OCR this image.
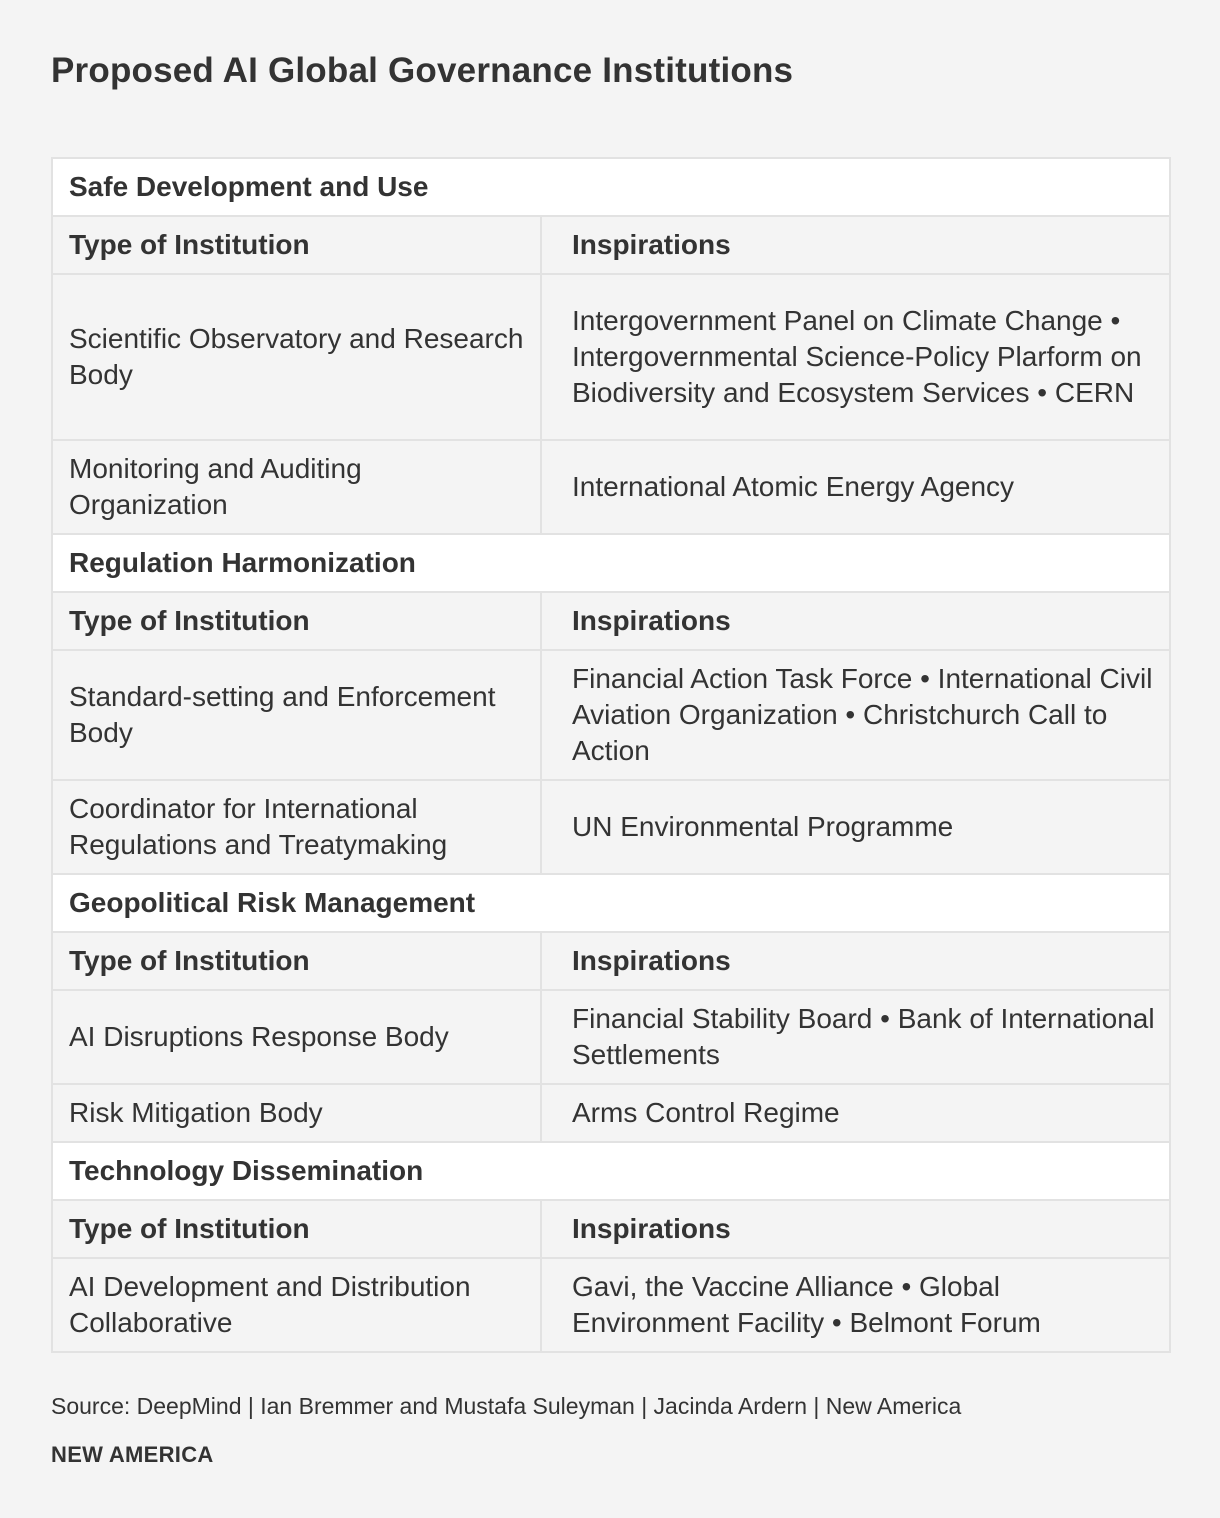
Proposed AI Global Governance Institutions
Safe Development and Use	
Type of Institution	Inspirations
Scientific Observatory and Research Body	Intergovernment Panel on Climate Change • Intergovernmental Science-Policy Plarform on Biodiversity and Ecosystem Services • CERN
Monitoring and Auditing Organization	International Atomic Energy Agency
Regulation Harmonization	
Type of Institution	Inspirations
Standard-setting and Enforcement Body	Financial Action Task Force • International Civil Aviation Organization • Christchurch Call to Action
Coordinator for International Regulations and Treatymaking	UN Environmental Programme
Geopolitical Risk Management	
Type of Institution	Inspirations
AI Disruptions Response Body	Financial Stability Board • Bank of International Settlements
Risk Mitigation Body	Arms Control Regime
Technology Dissemination	
Type of Institution	Inspirations
AI Development and Distribution Collaborative	Gavi, the Vaccine Alliance • Global Environment Facility • Belmont Forum
Source: DeepMind | Ian Bremmer and Mustafa Suleyman | Jacinda Ardern | New America
NEW AMERICA
